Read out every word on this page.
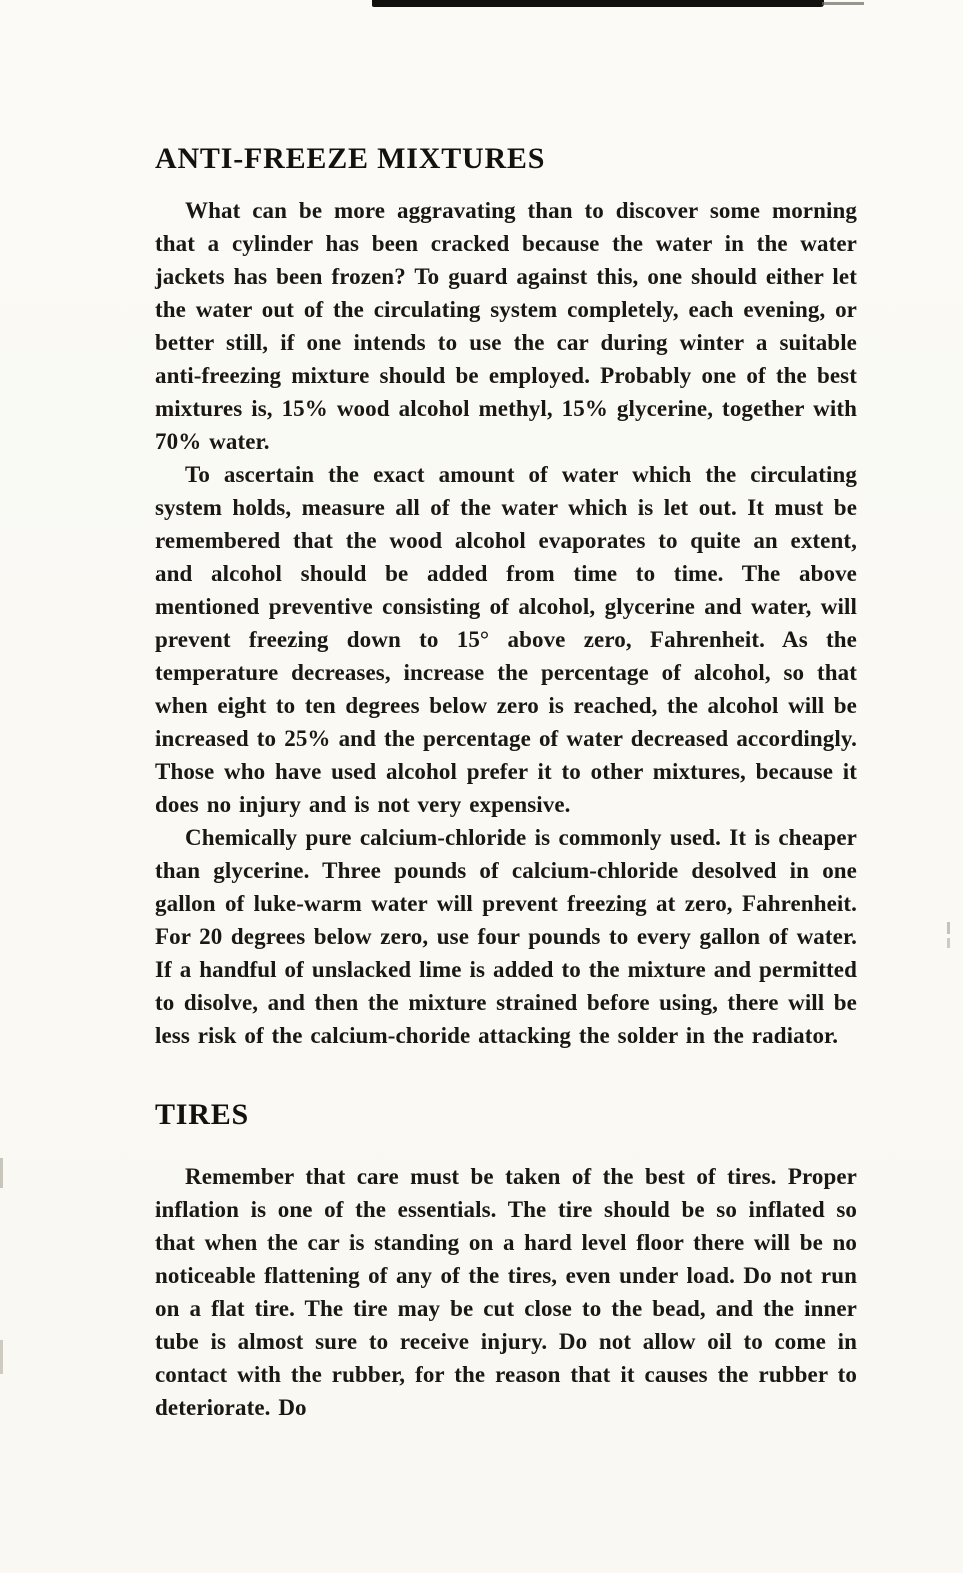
ANTI-FREEZE MIXTURES

What can be more aggravating than to discover some morning that a cylinder has been cracked because the water in the water jackets has been frozen? To guard against this, one should either let the water out of the circulating system completely, each evening, or better still, if one intends to use the car during winter a suitable anti-freezing mixture should be employed. Probably one of the best mixtures is, 15% wood alcohol methyl, 15% glycerine, together with 70% water.

To ascertain the exact amount of water which the circulating system holds, measure all of the water which is let out. It must be remembered that the wood alcohol evaporates to quite an extent, and alcohol should be added from time to time. The above mentioned preventive consisting of alcohol, glycerine and water, will prevent freezing down to 15° above zero, Fahrenheit. As the temperature decreases, increase the percentage of alcohol, so that when eight to ten degrees below zero is reached, the alcohol will be increased to 25% and the percentage of water decreased accordingly. Those who have used alcohol prefer it to other mixtures, because it does no injury and is not very expensive.

Chemically pure calcium-chloride is commonly used. It is cheaper than glycerine. Three pounds of calcium-chloride desolved in one gallon of luke-warm water will prevent freezing at zero, Fahrenheit. For 20 degrees below zero, use four pounds to every gallon of water. If a handful of unslacked lime is added to the mixture and permitted to disolve, and then the mixture strained before using, there will be less risk of the calcium-choride attacking the solder in the radiator.

TIRES

Remember that care must be taken of the best of tires. Proper inflation is one of the essentials. The tire should be so inflated so that when the car is standing on a hard level floor there will be no noticeable flattening of any of the tires, even under load. Do not run on a flat tire. The tire may be cut close to the bead, and the inner tube is almost sure to receive injury. Do not allow oil to come in contact with the rubber, for the reason that it causes the rubber to deteriorate. Do
